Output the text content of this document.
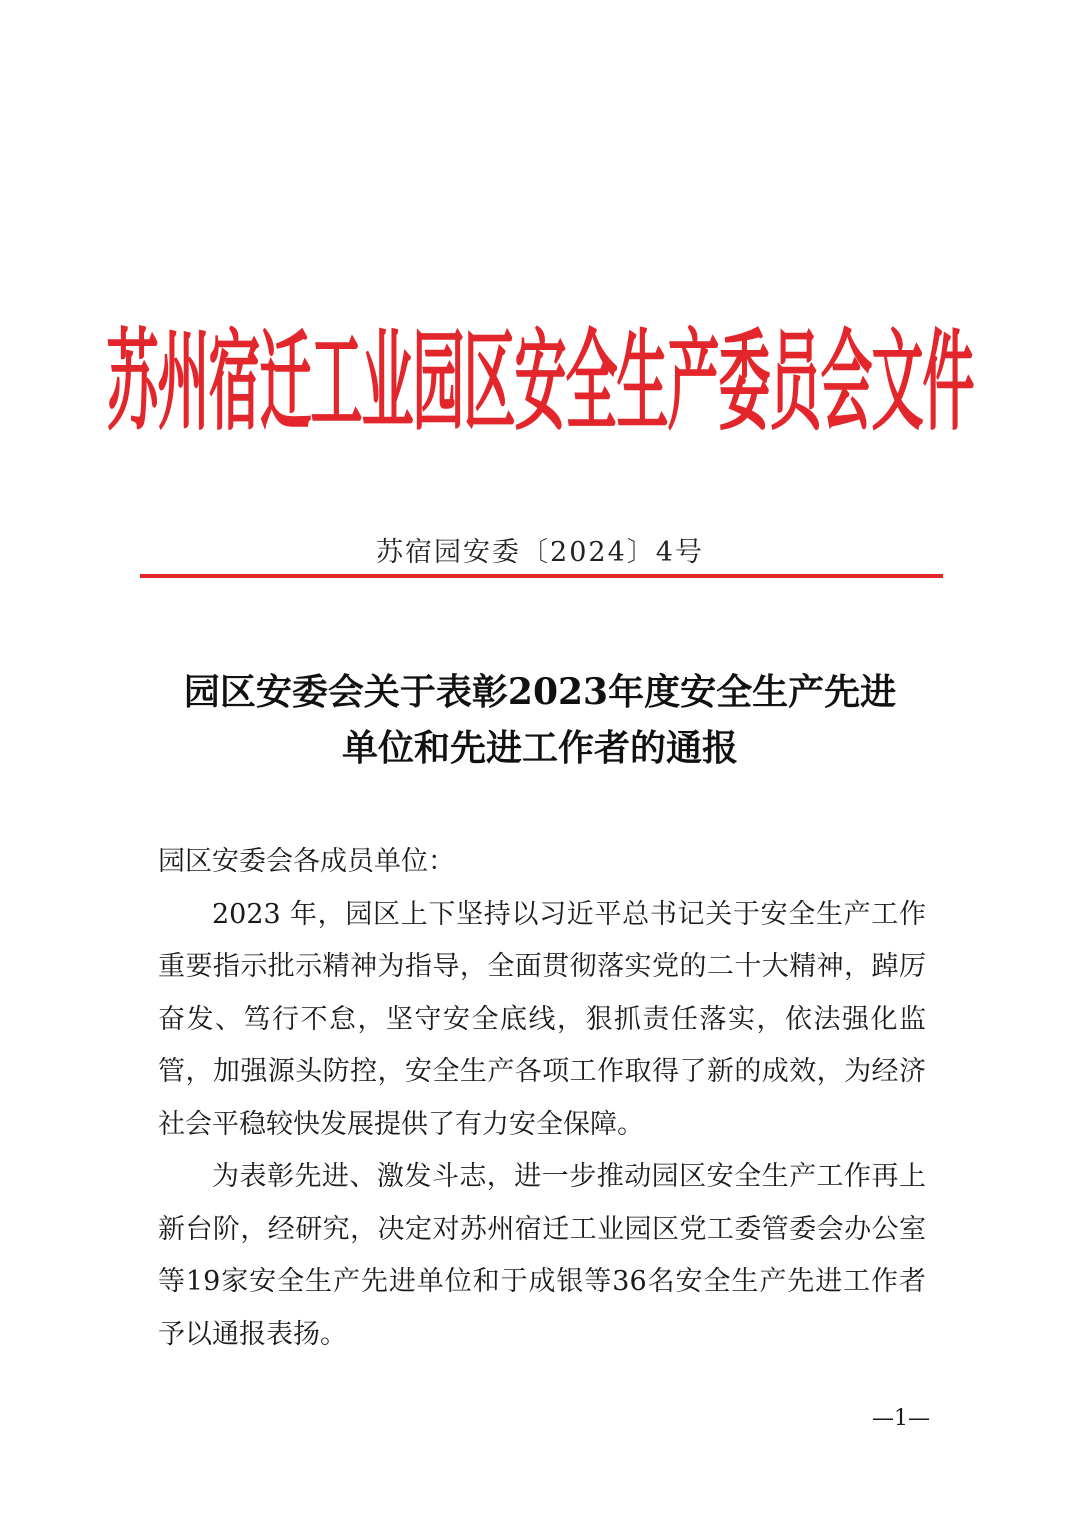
苏州宿迁工业园区安全生产委员会文件
苏宿园安委〔2024〕4号
园区安委会关于表彰2023年度安全生产先进
单位和先进工作者的通报

园区安委会各成员单位：

2023 年，园区上下坚持以习近平总书记关于安全生产工作重要指示批示精神为指导，全面贯彻落实党的二十大精神，踔厉奋发、笃行不怠，坚守安全底线，狠抓责任落实，依法强化监管，加强源头防控，安全生产各项工作取得了新的成效，为经济社会平稳较快发展提供了有力安全保障。

为表彰先进、激发斗志，进一步推动园区安全生产工作再上新台阶，经研究，决定对苏州宿迁工业园区党工委管委会办公室等19家安全生产先进单位和于成银等36名安全生产先进工作者予以通报表扬。

—1—
